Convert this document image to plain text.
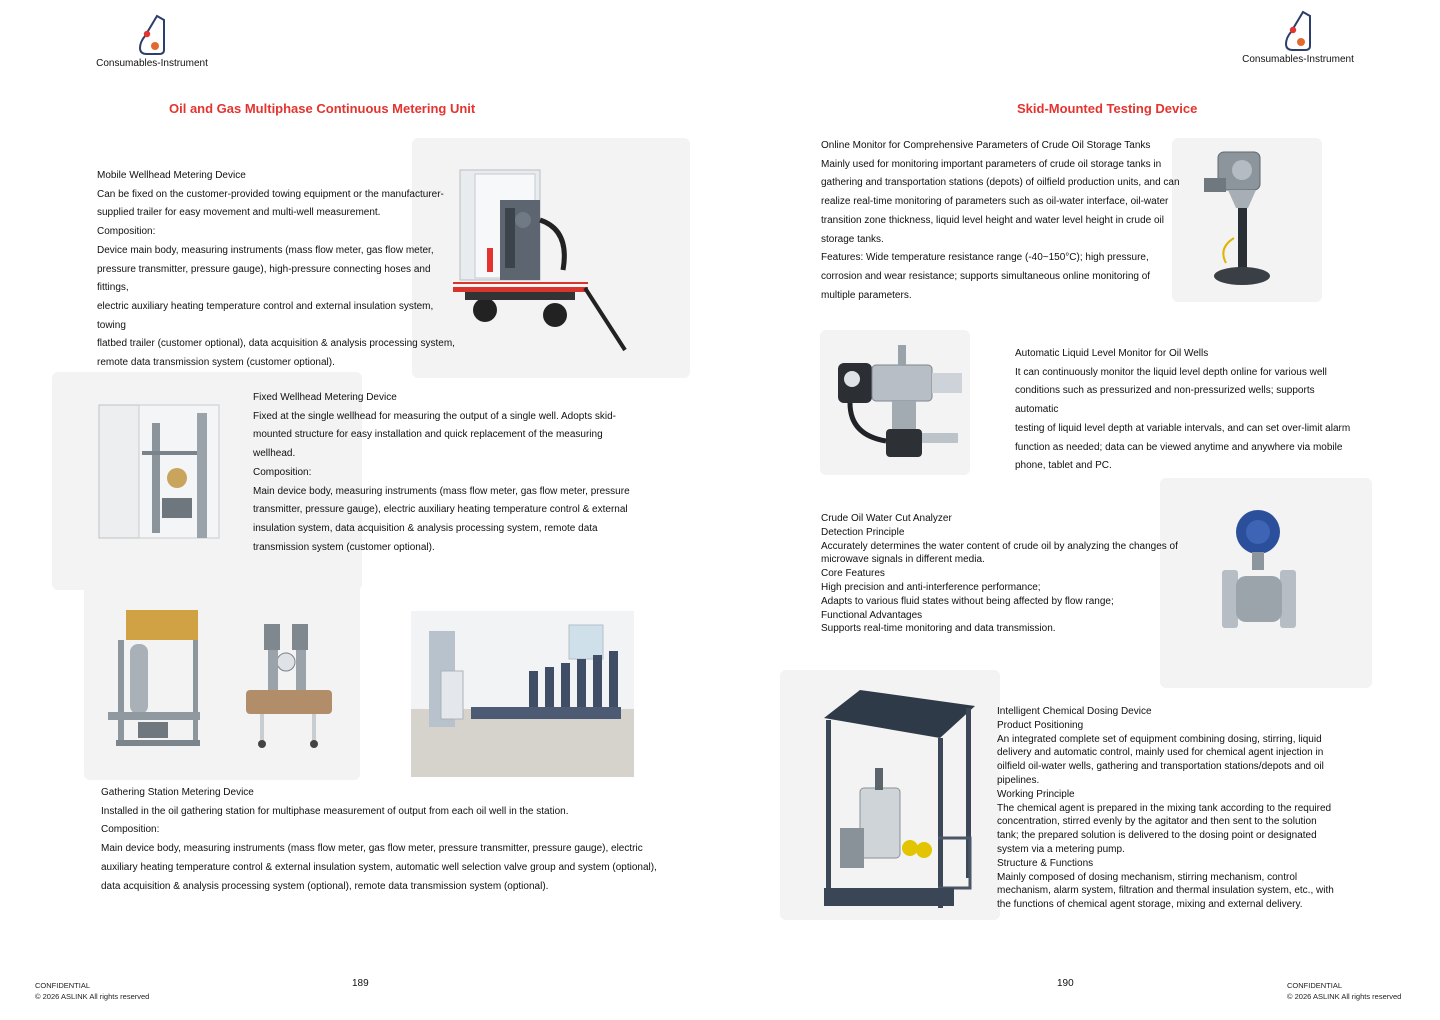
Consumables-Instrument	Consumables-Instrument
Oil and Gas Multiphase Continuous Metering Unit

Mobile Wellhead Metering Device

Can be fixed on the customer-provided towing equipment or the manufacturer-

supplied trailer for easy movement and multi-well measurement.

Composition:

Device main body, measuring instruments (mass flow meter, gas flow meter,

pressure transmitter, pressure gauge), high-pressure connecting hoses and fittings,

electric auxiliary heating temperature control and external insulation system, towing

flatbed trailer (customer optional), data acquisition & analysis processing system,

remote data transmission system (customer optional).

Fixed Wellhead Metering Device

Fixed at the single wellhead for measuring the output of a single well. Adopts skid-

mounted structure for easy installation and quick replacement of the measuring

wellhead.

Composition:

Main device body, measuring instruments (mass flow meter, gas flow meter, pressure

transmitter, pressure gauge), electric auxiliary heating temperature control & external

insulation system, data acquisition & analysis processing system, remote data

transmission system (customer optional).

Gathering Station Metering Device

Installed in the oil gathering station for multiphase measurement of output from each oil well in the station.

Composition:

Main device body, measuring instruments (mass flow meter, gas flow meter, pressure transmitter, pressure gauge), electric

auxiliary heating temperature control & external insulation system, automatic well selection valve group and system (optional),

data acquisition & analysis processing system (optional), remote data transmission system (optional).

CONFIDENTIAL
© 2026 ASLINK All rights reserved
189
Skid-Mounted Testing Device

Online Monitor for Comprehensive Parameters of Crude Oil Storage Tanks

Mainly used for monitoring important parameters of crude oil storage tanks in

gathering and transportation stations (depots) of oilfield production units, and can

realize real-time monitoring of parameters such as oil-water interface, oil-water

transition zone thickness, liquid level height and water level height in crude oil

storage tanks.

Features: Wide temperature resistance range (-40~150°C); high pressure,

corrosion and wear resistance; supports simultaneous online monitoring of

multiple parameters.

Automatic Liquid Level Monitor for Oil Wells

It can continuously monitor the liquid level depth online for various well

conditions such as pressurized and non-pressurized wells; supports automatic

testing of liquid level depth at variable intervals, and can set over-limit alarm

function as needed; data can be viewed anytime and anywhere via mobile

phone, tablet and PC.

Crude Oil Water Cut Analyzer

Detection Principle

Accurately determines the water content of crude oil by analyzing the changes of

microwave signals in different media.

Core Features

High precision and anti-interference performance;

Adapts to various fluid states without being affected by flow range;

Functional Advantages

Supports real-time monitoring and data transmission.

Intelligent Chemical Dosing Device

Product Positioning

An integrated complete set of equipment combining dosing, stirring, liquid

delivery and automatic control, mainly used for chemical agent injection in

oilfield oil-water wells, gathering and transportation stations/depots and oil

pipelines.

Working Principle

The chemical agent is prepared in the mixing tank according to the required

concentration, stirred evenly by the agitator and then sent to the solution

tank; the prepared solution is delivered to the dosing point or designated

system via a metering pump.

Structure & Functions

Mainly composed of dosing mechanism, stirring mechanism, control

mechanism, alarm system, filtration and thermal insulation system, etc., with

the functions of chemical agent storage, mixing and external delivery.

190	CONFIDENTIAL
© 2026 ASLINK All rights reserved
